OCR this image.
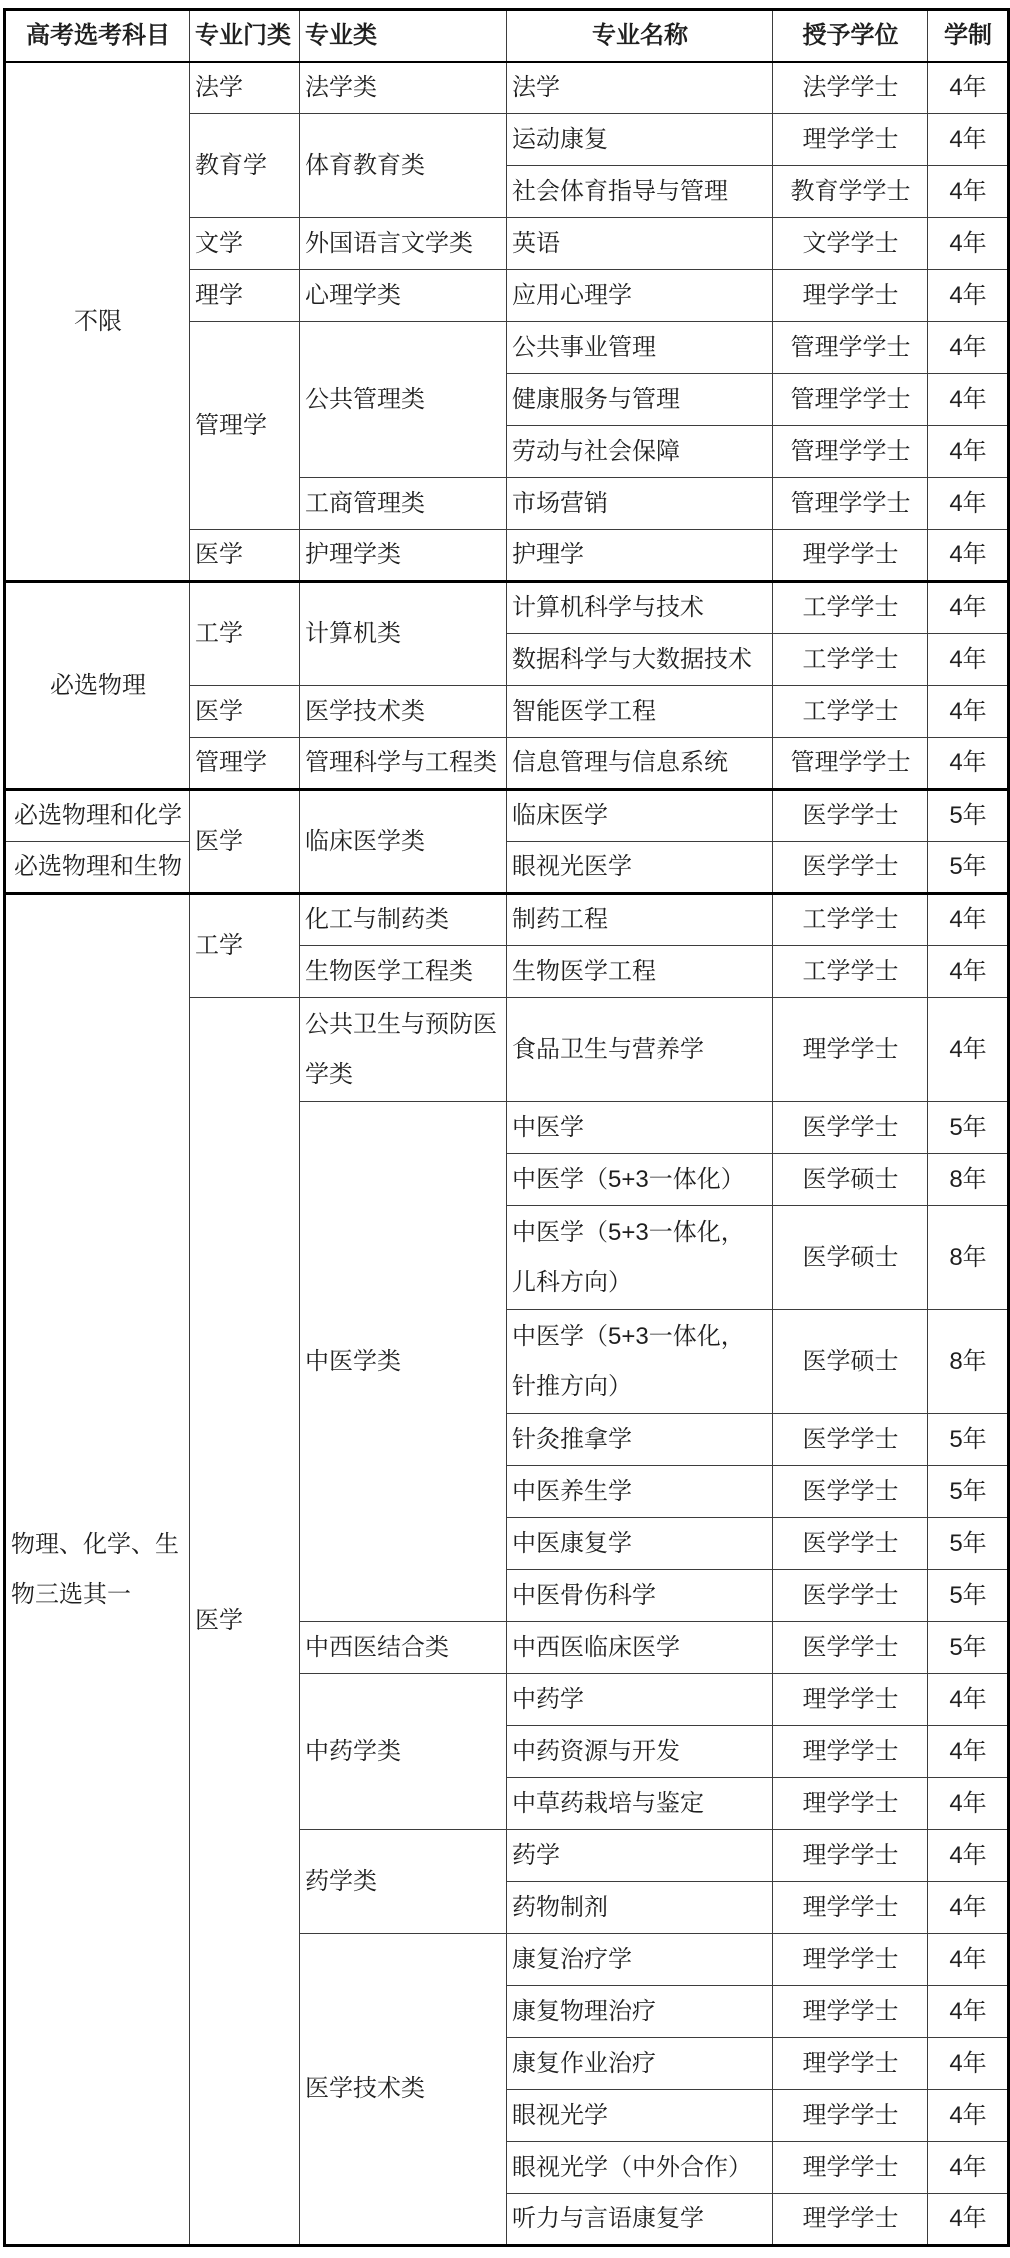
高考选考科目	专业门类	专业类	专业名称	授予学位	学制
不限	法学	法学类	法学	法学学士	4年
	教育学	体育教育类	运动康复	理学学士	4年
			社会体育指导与管理	教育学学士	4年
	文学	外国语言文学类	英语	文学学士	4年
	理学	心理学类	应用心理学	理学学士	4年
	管理学	公共管理类	公共事业管理	管理学学士	4年
			健康服务与管理	管理学学士	4年
			劳动与社会保障	管理学学士	4年
		工商管理类	市场营销	管理学学士	4年
	医学	护理学类	护理学	理学学士	4年
必选物理	工学	计算机类	计算机科学与技术	工学学士	4年
			数据科学与大数据技术	工学学士	4年
	医学	医学技术类	智能医学工程	工学学士	4年
	管理学	管理科学与工程类	信息管理与信息系统	管理学学士	4年
必选物理和化学	医学	临床医学类	临床医学	医学学士	5年
必选物理和生物			眼视光医学	医学学士	5年
物理、化学、生物三选其一	工学	化工与制药类	制药工程	工学学士	4年
		生物医学工程类	生物医学工程	工学学士	4年
	医学	公共卫生与预防医学类	食品卫生与营养学	理学学士	4年
		中医学类	中医学	医学学士	5年
			中医学（5+3一体化）	医学硕士	8年
			中医学（5+3一体化，儿科方向）	医学硕士	8年
			中医学（5+3一体化，针推方向）	医学硕士	8年
			针灸推拿学	医学学士	5年
			中医养生学	医学学士	5年
			中医康复学	医学学士	5年
			中医骨伤科学	医学学士	5年
		中西医结合类	中西医临床医学	医学学士	5年
		中药学类	中药学	理学学士	4年
			中药资源与开发	理学学士	4年
			中草药栽培与鉴定	理学学士	4年
		药学类	药学	理学学士	4年
			药物制剂	理学学士	4年
		医学技术类	康复治疗学	理学学士	4年
			康复物理治疗	理学学士	4年
			康复作业治疗	理学学士	4年
			眼视光学	理学学士	4年
			眼视光学（中外合作）	理学学士	4年
			听力与言语康复学	理学学士	4年
